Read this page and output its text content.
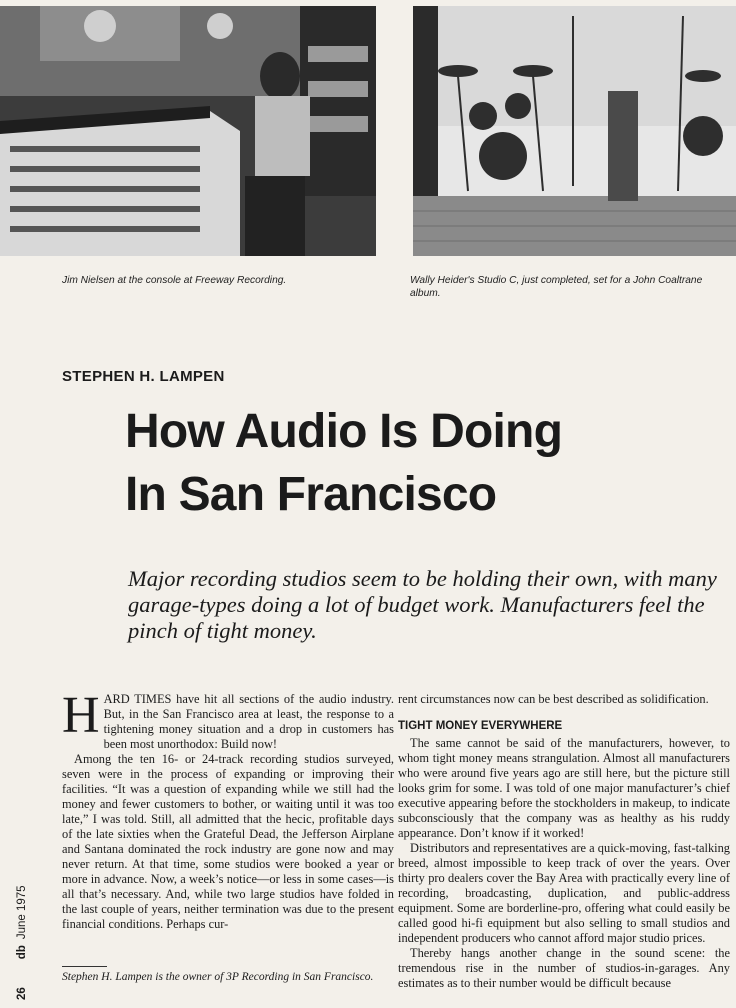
Jim Nielsen at the console at Freeway Recording.	Wally Heider's Studio C, just completed, set for a John Coaltrane album.
STEPHEN H. LAMPEN
How Audio Is Doing
In San Francisco
Major recording studios seem to be holding their own, with many garage-types doing a lot of budget work. Manufacturers feel the pinch of tight money.

HARD TIMES have hit all sections of the audio industry. But, in the San Francisco area at least, the response to a tightening money situation and a drop in customers has been most unorthodox: Build now!

Among the ten 16- or 24-track recording studios surveyed, seven were in the process of expanding or improving their facilities. “It was a question of expanding while we still had the money and fewer customers to bother, or waiting until it was too late,” I was told. Still, all admitted that the hecic, profitable days of the late sixties when the Grateful Dead, the Jefferson Airplane and Santana dominated the rock industry are gone now and may never return. At that time, some studios were booked a year or more in advance. Now, a week’s notice—or less in some cases—is all that’s necessary. And, while two large studios have folded in the last couple of years, neither termination was due to the present financial conditions. Perhaps cur-

rent circumstances now can be best described as solidification.

TIGHT MONEY EVERYWHERE

The same cannot be said of the manufacturers, however, to whom tight money means strangulation. Almost all manufacturers who were around five years ago are still here, but the picture still looks grim for some. I was told of one major manufacturer’s chief executive appearing before the stockholders in makeup, to indicate subconsciously that the company was as healthy as his ruddy appearance. Don’t know if it worked!

Distributors and representatives are a quick-moving, fast-talking breed, almost impossible to keep track of over the years. Over thirty pro dealers cover the Bay Area with practically every line of recording, broadcasting, duplication, and public-address equipment. Some are borderline-pro, offering what could easily be called good hi-fi equipment but also selling to small studios and independent producers who cannot afford major studio prices.

Thereby hangs another change in the sound scene: the tremendous rise in the number of studios-in-garages. Any estimates as to their number would be difficult because

Stephen H. Lampen is the owner of 3P Recording in San Francisco.
26dbJune 1975
